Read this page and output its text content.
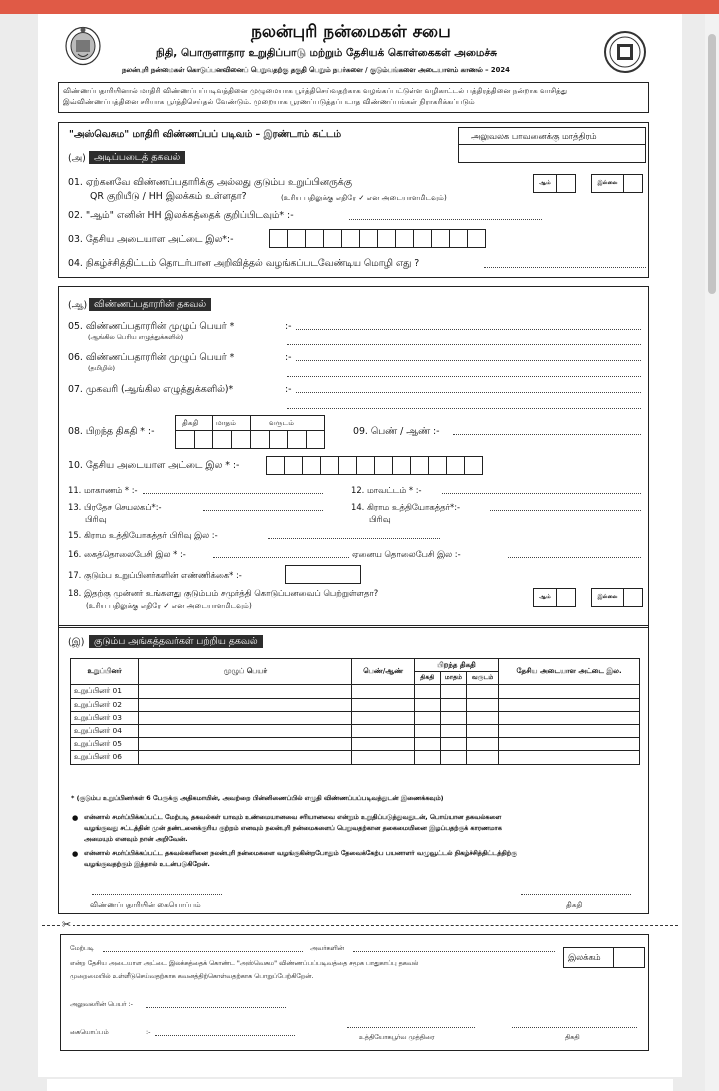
நலன்புரி நன்மைகள் சபை
நிதி, பொருளாதார உறுதிப்பாடு மற்றும் தேசியக் கொள்கைகள் அமைச்சு
நலன்புரி நன்மைகள் கொடுப்பனவினைப் பெறுவதற்கு தகுதி பெறும் நபர்களை / குடும்பங்களை அடையாளம் காணல் – 2024
விண்ணப்பதாரியினால் மாதிரி விண்ணப்பப்படிவத்தினை முழுமையாக பூர்த்திசெய்வதற்காக வழங்கப்பட்டுள்ள வழிகாட்டல் பத்திரத்தினை நன்றாக வாசித்து இவ்விண்ணப்பத்தினை சரியாக பூர்த்திசெய்தல் வேண்டும். முறையாக பூரணப்படுத்தப்படாத விண்ணப்பங்கள் நிராகரிக்கப்படும்
"அஸ்வெசும" மாதிரி விண்ணப்பப் படிவம் – இரண்டாம் கட்டம்	அலுவலக பாவனைக்கு மாத்திரம்
(அ) அடிப்படைத் தகவல்
01. ஏற்கனவே விண்ணப்பதாரிக்கு அல்லது குடும்ப உறுப்பினருக்கு
QR குறியீடு / HH இலக்கம் உள்ளதா?	(உரிய பதிலுக்கு எதிரே ✓ என அடையாளமிடவும்)
ஆம்	இல்லை
02. "ஆம்" எனின் HH இலக்கத்தைக் குறிப்பிடவும்* :-
03. தேசிய அடையாள அட்டை இல*:-
04. நிகழ்ச்சித்திட்டம் தொடர்பான அறிவித்தல் வழங்கப்படவேண்டிய மொழி எது ?
(ஆ) விண்ணப்பதாரரின் தகவல்
05. விண்ணப்பதாரரின் முழுப் பெயர் *
(ஆங்கில பெரிய எழுத்துக்களில்)
:-
06. விண்ணப்பதாரரின் முழுப் பெயர் *
(தமிழில்)
:-
07. முகவரி (ஆங்கில எழுத்துக்களில்)*	:-
08. பிறந்த திகதி * :-
திகதி மாதம்	வருடம்
09. பெண் / ஆண் :-
10. தேசிய அடையாள அட்டை இல * :-
11. மாகாணம் * :-	12. மாவட்டம் * :-
13. பிரதேச செயலகப்*:-
பிரிவு
14. கிராம உத்தியோகத்தர்*:-
பிரிவு
15. கிராம உத்தியோகத்தர் பிரிவு இல :-
16. கைத்தொலைபேசி இல * :-	ஏனைய தொலைபேசி இல :-
17. குடும்ப உறுப்பினர்களின் எண்ணிக்கை* :-
18. இதற்கு முன்னர் உங்களது குடும்பம் சமுர்த்தி கொடுப்பனவைப் பெற்றுள்ளதா?
(உரிய பதிலுக்கு எதிரே ✓ என அடையாளமிடவும்)
ஆம்	இல்லை
(இ)	குடும்ப அங்கத்தவர்கள் பற்றிய தகவல்
உறுப்பினர்	முழுப் பெயர்	பெண்/ஆண்	பிறந்த திகதி			தேசிய அடையாள அட்டை இல.
			திகதி	மாதம்	வருடம்	
உறுப்பினர் 01						
உறுப்பினர் 02						
உறுப்பினர் 03						
உறுப்பினர் 04						
உறுப்பினர் 05						
உறுப்பினர் 06						
* (குடும்ப உறுப்பினர்கள் 6 பேருக்கு அதிகமாயின், அவற்றை பின்னிணைப்பில் எழுதி விண்ணப்பப்படிவத்துடன் இணைக்கவும்)
● என்னால் சமர்ப்பிக்கப்பட்ட மேற்படி தகவல்கள் யாவும் உண்மையானவை சரியானவை என்றும் உறுதிப்படுத்துவதுடன், பொய்யான தகவல்களை
வழங்குவது சட்டத்தின் முன் தண்டனைக்குரிய குற்றம் எனவும் நலன்புரி நன்மைகளைப் பெறுவதற்கான தகைமையினை இழப்பதற்குக் காரணமாக
அமையும் எனவும் நான் அறிவேன்.
● என்னால் சமர்ப்பிக்கப்பட்ட தகவல்களினை நலன்புரி நன்மைகளை வழங்குகின்றபோதும் தேவைக்கேற்ப பயனாளர் வழுவூட்டல் நிகழ்ச்சித்திட்டத்திற்கு
வழங்குவதற்கும் இத்தால் உடன்படுகிறேன்.
விண்ணப்பதாரியின் கையொப்பம்	திகதி
✂
மேற்படி	அவர்களின்
இலக்கம்
என்ற தேசிய அடையாள அட்டை இலக்கத்தைக் கொண்ட "அஸ்வெசும" விண்ணப்பப்படிவத்தை சமூக பாதுகாப்பு தகவல்
முறைமையில் உள்ளீடுசெய்வதற்காக கவனத்திற்கொள்வதற்காக பொறுப்பேற்கிறேன்.
அலுவலரின் பெயர் :-
கையொப்பம்	:-
உத்தியோகபூர்வ முத்திரை	திகதி
